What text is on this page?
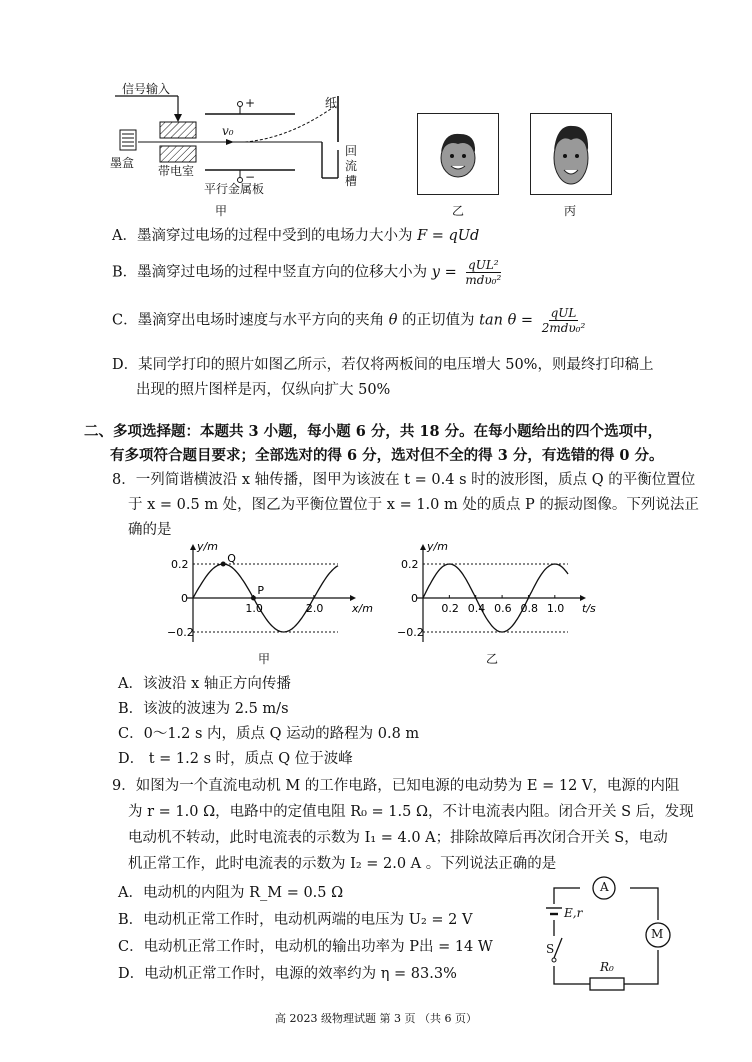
信号输入
墨盒
带电室
平行金属板
纸
v₀
+
−
回
流
槽
甲	乙	丙
A．墨滴穿过电场的过程中受到的电场力大小为 F = qUd
B．墨滴穿过电场的过程中竖直方向的位移大小为 $y = \frac{\text{qUL²}}{\text{mdυ₀²}}$
C．墨滴穿出电场时速度与水平方向的夹角 θ 的正切值为 $\tan \theta = \frac{\text{qUL}}{\text{2mdυ₀²}}$
D．某同学打印的照片如图乙所示，若仅将两板间的电压增大 50%，则最终打印稿上
出现的照片图样是丙，仅纵向扩大 50%
二、多项选择题：本题共 3 小题，每小题 6 分，共 18 分。在每小题给出的四个选项中，
有多项符合题目要求；全部选对的得 6 分，选对但不全的得 3 分，有选错的得 0 分。
8．一列简谐横波沿 x 轴传播，图甲为该波在 t = 0.4 s 时的波形图，质点 Q 的平衡位置位
于 x = 0.5 m 处，图乙为平衡位置位于 x = 1.0 m 处的质点 P 的振动图像。下列说法正
确的是
0.2
0
−0.2
y/m
x/m
1.0	2.0
Q
P
甲
0.2
0
−0.2
y/m
t/s
0.2 0.4 0.6 0.8 1.0
乙
A．该波沿 x 轴正方向传播
B．该波的波速为 2.5 m/s
C．0～1.2 s 内，质点 Q 运动的路程为 0.8 m
D． t = 1.2 s 时，质点 Q 位于波峰
9．如图为一个直流电动机 M 的工作电路，已知电源的电动势为 E = 12 V，电源的内阻
为 r = 1.0 Ω，电路中的定值电阻 R₀ = 1.5 Ω，不计电流表内阻。闭合开关 S 后，发现
电动机不转动，此时电流表的示数为 I₁ = 4.0 A；排除故障后再次闭合开关 S，电动
机正常工作，此时电流表的示数为 I₂ = 2.0 A 。下列说法正确的是
A．电动机的内阻为 R_M = 0.5 Ω
B．电动机正常工作时，电动机两端的电压为 U₂ = 2 V
C．电动机正常工作时，电动机的输出功率为 P出 = 14 W
D．电动机正常工作时，电源的效率约为 η = 83.3%
A
M
E,r
S
R₀
高 2023 级物理试题 第 3 页 （共 6 页）
